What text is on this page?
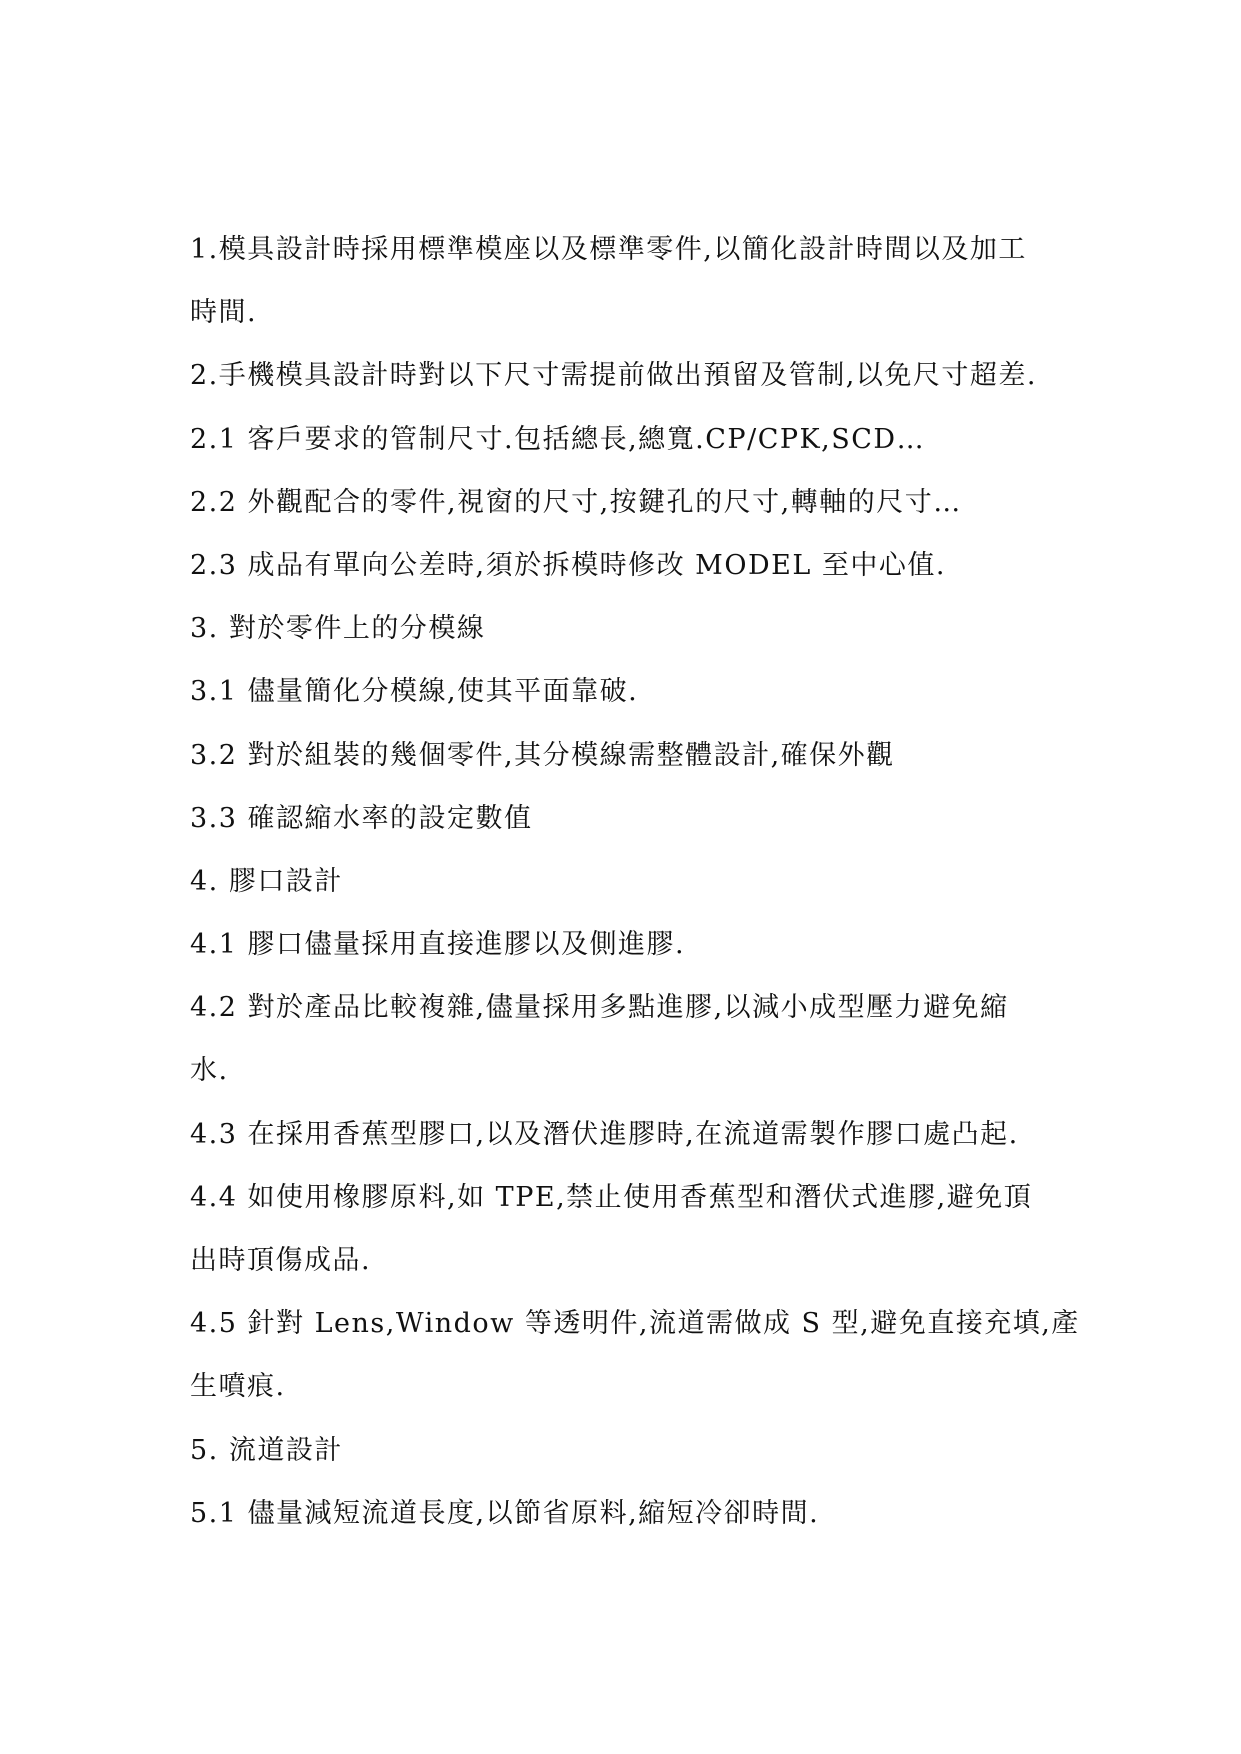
1.模具設計時採用標準模座以及標準零件,以簡化設計時間以及加工
時間.
2.手機模具設計時對以下尺寸需提前做出預留及管制,以免尺寸超差.
2.1 客戶要求的管制尺寸.包括總長,總寬.CP/CPK,SCD…
2.2 外觀配合的零件,視窗的尺寸,按鍵孔的尺寸,轉軸的尺寸…
2.3 成品有單向公差時,須於拆模時修改 MODEL 至中心值.
3. 對於零件上的分模線
3.1 儘量簡化分模線,使其平面靠破.
3.2 對於組裝的幾個零件,其分模線需整體設計,確保外觀
3.3 確認縮水率的設定數值
4. 膠口設計
4.1 膠口儘量採用直接進膠以及側進膠.
4.2 對於產品比較複雜,儘量採用多點進膠,以減小成型壓力避免縮
水.
4.3 在採用香蕉型膠口,以及潛伏進膠時,在流道需製作膠口處凸起.
4.4 如使用橡膠原料,如 TPE,禁止使用香蕉型和潛伏式進膠,避免頂
出時頂傷成品.
4.5 針對 Lens,Window 等透明件,流道需做成 S 型,避免直接充填,產
生噴痕.
5. 流道設計
5.1 儘量減短流道長度,以節省原料,縮短冷卻時間.
